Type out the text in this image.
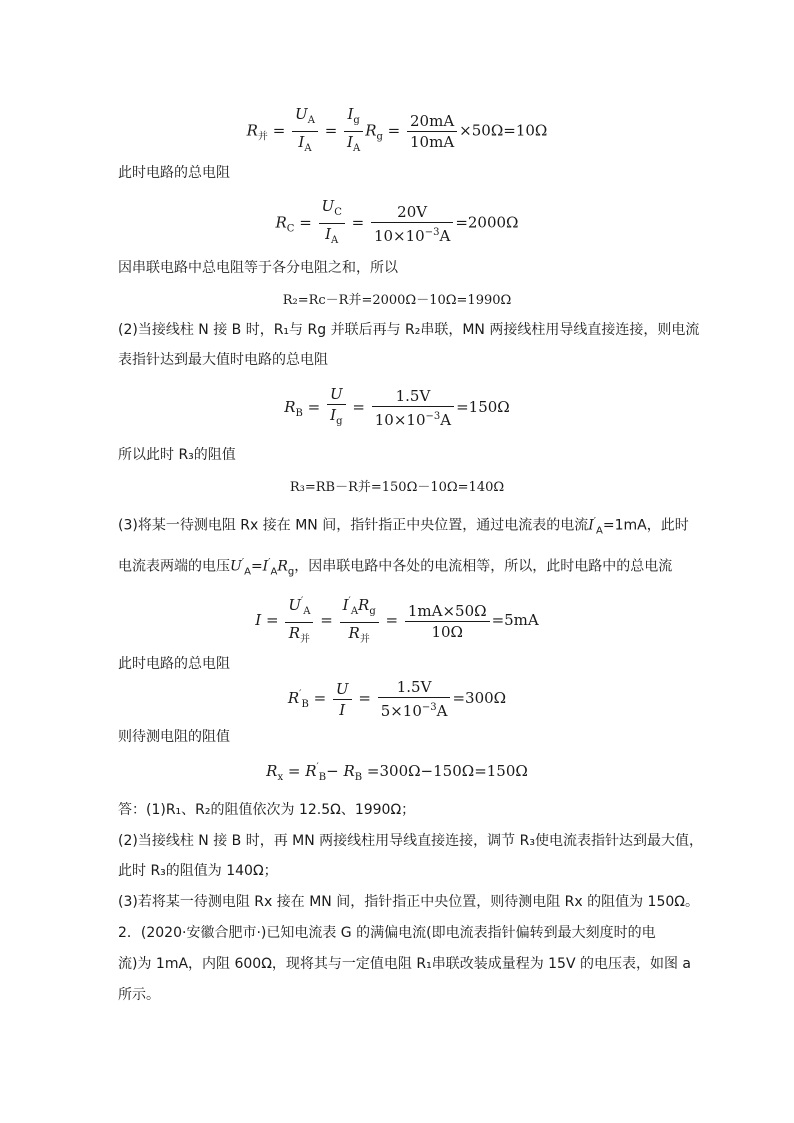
$R_并 = \frac{U_A}{I_A} = \frac{I_g}{I_A} R_g = \frac{20mA}{10mA} \times 50\Omega=10\Omega$
此时电路的总电阻
$R_C = \frac{U_C}{I_A} = \frac{20V}{10\times 10^{-3}A} =2000\Omega$
因串联电路中总电阻等于各分电阻之和，所以
R₂=Rc－R并=2000Ω－10Ω=1990Ω
(2)当接线柱 N 接 B 时，R₁与 Rg 并联后再与 R₂串联，MN 两接线柱用导线直接连接，则电流
表指针达到最大值时电路的总电阻
$R_B = \frac{U}{I_g} = \frac{1.5V}{10\times 10^{-3}A} =150\Omega$
所以此时 R₃的阻值
R₃=RB－R并=150Ω－10Ω=140Ω
(3)将某一待测电阻 Rx 接在 MN 间，指针指正中央位置，通过电流表的电流$I'_A=1mA$，此时
电流表两端的电压$U'_A=I'_AR_g$，因串联电路中各处的电流相等，所以，此时电路中的总电流
I =
$U'_A$
$R_并$
=
$I'_AR_g$
$R_并$
= $\frac{1mA\times 50\Omega}{10\Omega} =5mA$
此时电路的总电阻
$R'_B = \frac{U}{I} = \frac{1.5V}{5\times 10^{-3}A} =300\Omega$
则待测电阻的阻值
$R_x = R'_B- R_B =300\Omega-150\Omega=150\Omega$
答：(1)R₁、R₂的阻值依次为 12.5Ω、1990Ω；
(2)当接线柱 N 接 B 时，再 MN 两接线柱用导线直接连接，调节 R₃使电流表指针达到最大值，
此时 R₃的阻值为 140Ω；
(3)若将某一待测电阻 Rx 接在 MN 间，指针指正中央位置，则待测电阻 Rx 的阻值为 150Ω。
2．(2020·安徽合肥市·)已知电流表 G 的满偏电流(即电流表指针偏转到最大刻度时的电
流)为 1mA，内阻 600Ω，现将其与一定值电阻 R₁串联改装成量程为 15V 的电压表，如图 a
所示。
